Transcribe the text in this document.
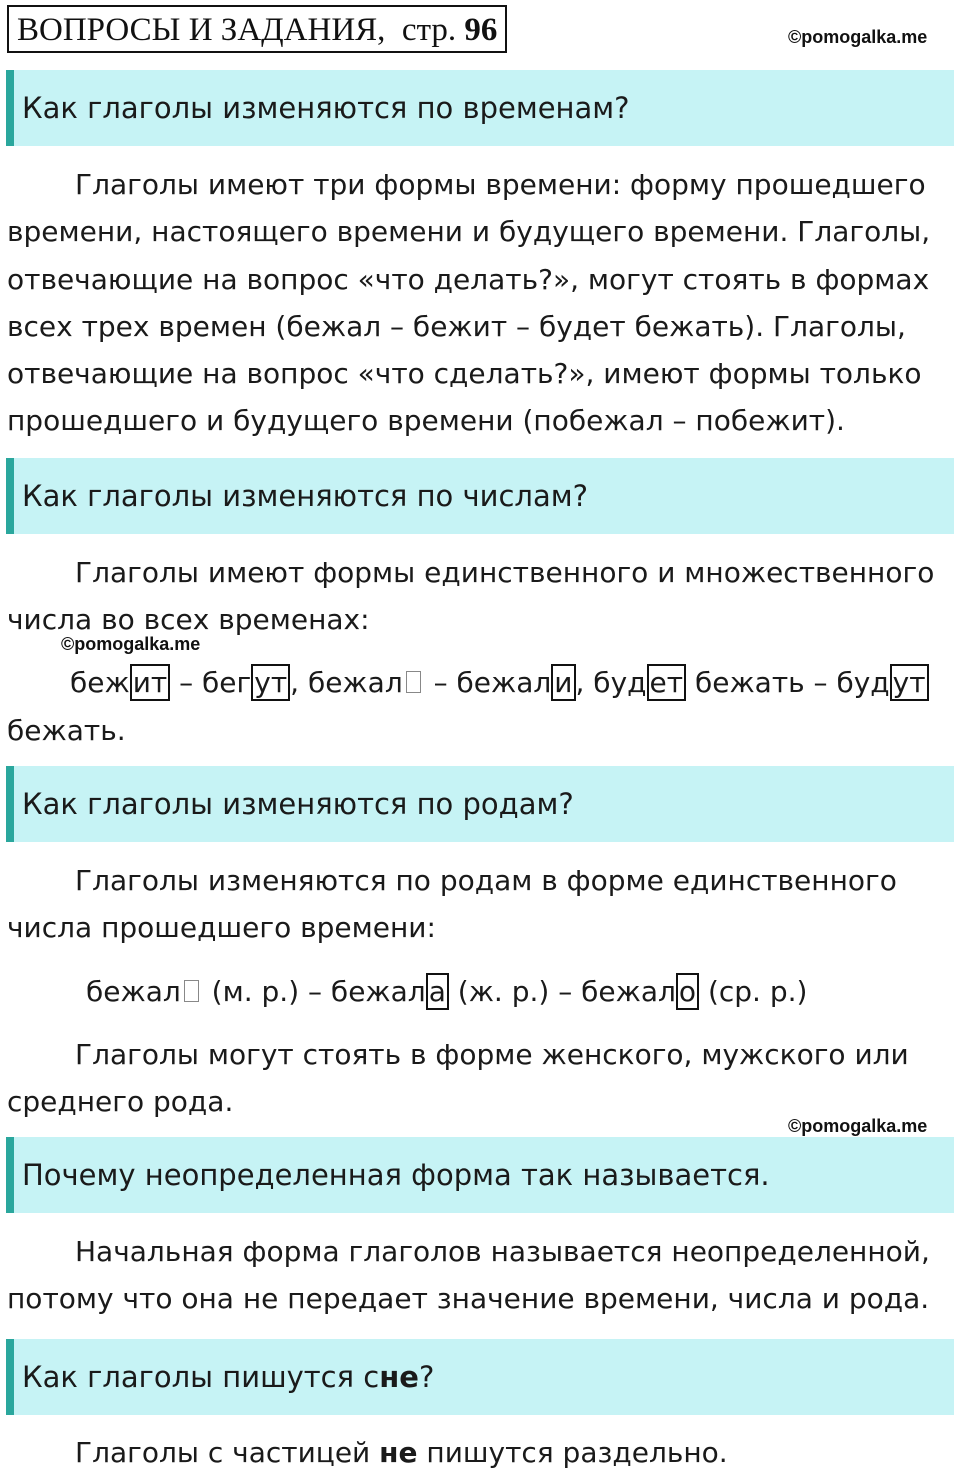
ВОПРОСЫ И ЗАДАНИЯ, стр. 96	©pomogalka.me
Как глаголы изменяются по временам?

Глаголы имеют три формы времени: форму прошедшего времени, настоящего времени и будущего времени. Глаголы, отвечающие на вопрос «что делать?», могут стоять в формах всех трех времен (бежал – бежит – будет бежать). Глаголы, отвечающие на вопрос «что сделать?», имеют формы только прошедшего и будущего времени (побежал – побежит).

Как глаголы изменяются по числам?

Глаголы имеют формы единственного и множественного числа во всех временах:

©pomogalka.me
беж ит – бег ут , бежал – бежал и , буд ет бежать – буд ут
бежать.
Как глаголы изменяются по родам?

Глаголы изменяются по родам в форме единственного числа прошедшего времени:

бежал (м. р.) – бежал а (ж. р.) – бежал о (ср. р.)

Глаголы могут стоять в форме женского, мужского или среднего рода.

©pomogalka.me
Почему неопределенная форма так называется.

Начальная форма глаголов называется неопределенной, потому что она не передает значение времени, числа и рода.

Как глаголы пишутся с не ?

Глаголы с частицей не пишутся раздельно.
